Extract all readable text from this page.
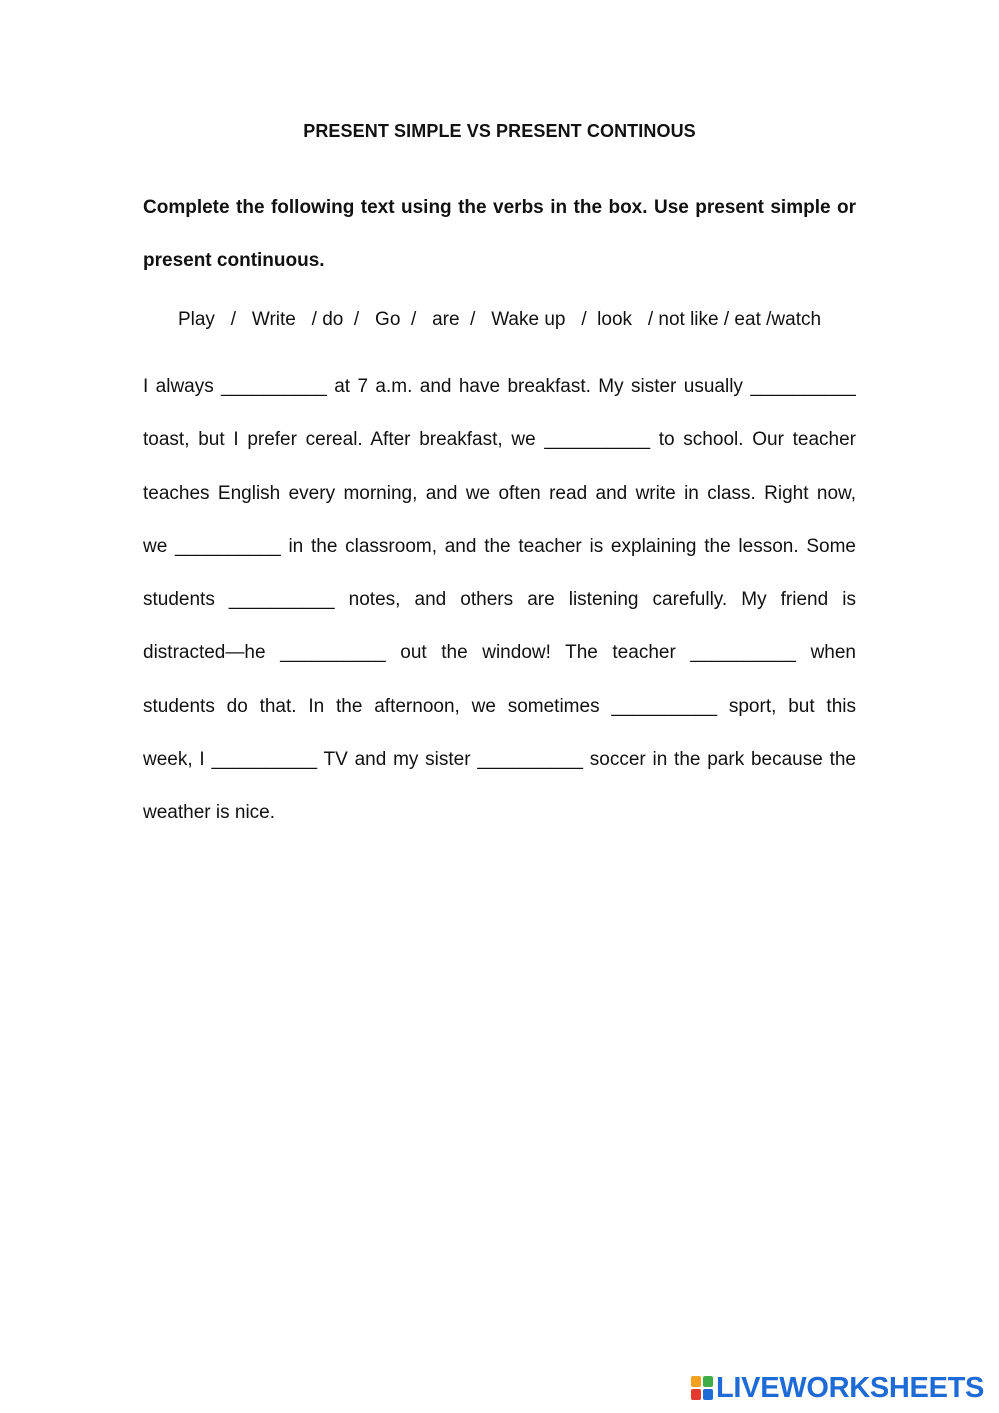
PRESENT SIMPLE VS PRESENT CONTINOUS
Complete the following text using the verbs in the box. Use present simple or present continuous.
Play   /   Write   / do  /   Go  /   are  /   Wake up   /  look   / not like / eat /watch
I always __________ at 7 a.m. and have breakfast. My sister usually __________
toast, but I prefer cereal. After breakfast, we __________ to school. Our teacher
teaches English every morning, and we often read and write in class. Right now,
we __________ in the classroom, and the teacher is explaining the lesson. Some
students __________ notes, and others are listening carefully. My friend is
distracted—he __________ out the window! The teacher __________ when
students do that. In the afternoon, we sometimes __________ sport, but this
week, I __________ TV and my sister __________ soccer in the park because the
weather is nice.
LIVEWORKSHEETS
